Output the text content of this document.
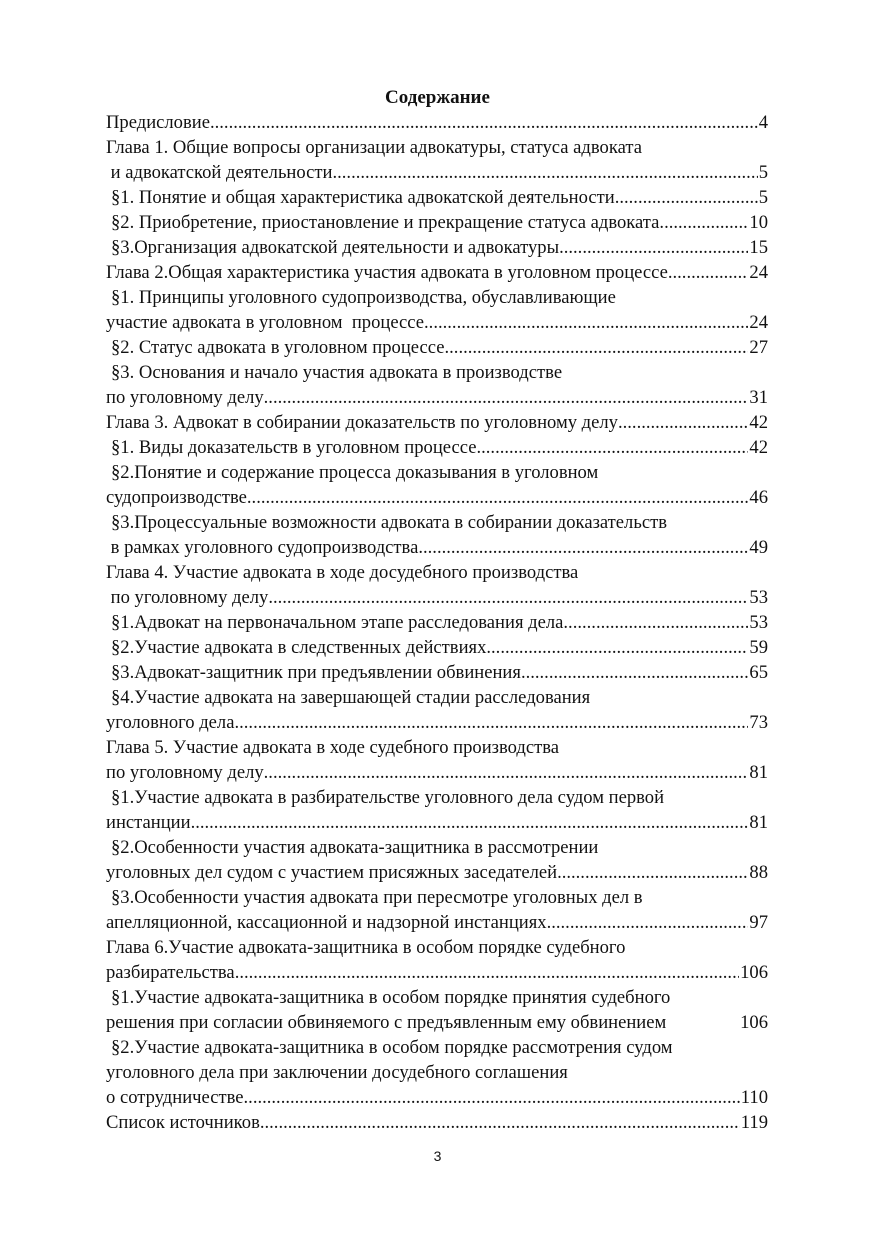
Содержание
Предисловие .....	4
Глава 1. Общие вопросы организации адвокатуры, статуса адвоката
и адвокатской деятельности .....	5
§1. Понятие и общая характеристика адвокатской деятельности .....	5
§2. Приобретение, приостановление и прекращение статуса адвоката .....	10
§3.Организация адвокатской деятельности и адвокатуры .....	15
Глава 2.Общая характеристика участия адвоката в уголовном процессе .....	24
§1. Принципы уголовного судопроизводства, обуславливающие
участие адвоката в уголовном  процессе .....	24
§2. Статус адвоката в уголовном процессе .....	27
§3. Основания и начало участия адвоката в производстве
по уголовному делу .....	31
Глава 3. Адвокат в собирании доказательств по уголовному делу .....	42
§1. Виды доказательств в уголовном процессе .....	42
§2.Понятие и содержание процесса доказывания в уголовном
судопроизводстве .....	46
§3.Процессуальные возможности адвоката в собирании доказательств
в рамках уголовного судопроизводства .....	49
Глава 4. Участие адвоката в ходе досудебного производства
по уголовному делу .....	53
§1.Адвокат на первоначальном этапе расследования дела .....	53
§2.Участие адвоката в следственных действиях .....	59
§3.Адвокат-защитник при предъявлении обвинения .....	65
§4.Участие адвоката на завершающей стадии расследования
уголовного дела .....	73
Глава 5. Участие адвоката в ходе судебного производства
по уголовному делу .....	81
§1.Участие адвоката в разбирательстве уголовного дела судом первой
инстанции .....	81
§2.Особенности участия адвоката-защитника в рассмотрении
уголовных дел судом с участием присяжных заседателей .....	88
§3.Особенности участия адвоката при пересмотре уголовных дел в
апелляционной, кассационной и надзорной инстанциях .....	97
Глава 6.Участие адвоката-защитника в особом порядке судебного
разбирательства .....	106
§1.Участие адвоката-защитника в особом порядке принятия судебного
решения при согласии обвиняемого с предъявленным ему обвинением	106
§2.Участие адвоката-защитника в особом порядке рассмотрения судом
уголовного дела при заключении досудебного соглашения
о сотрудничестве .....	110
Список источников .....	119
3
